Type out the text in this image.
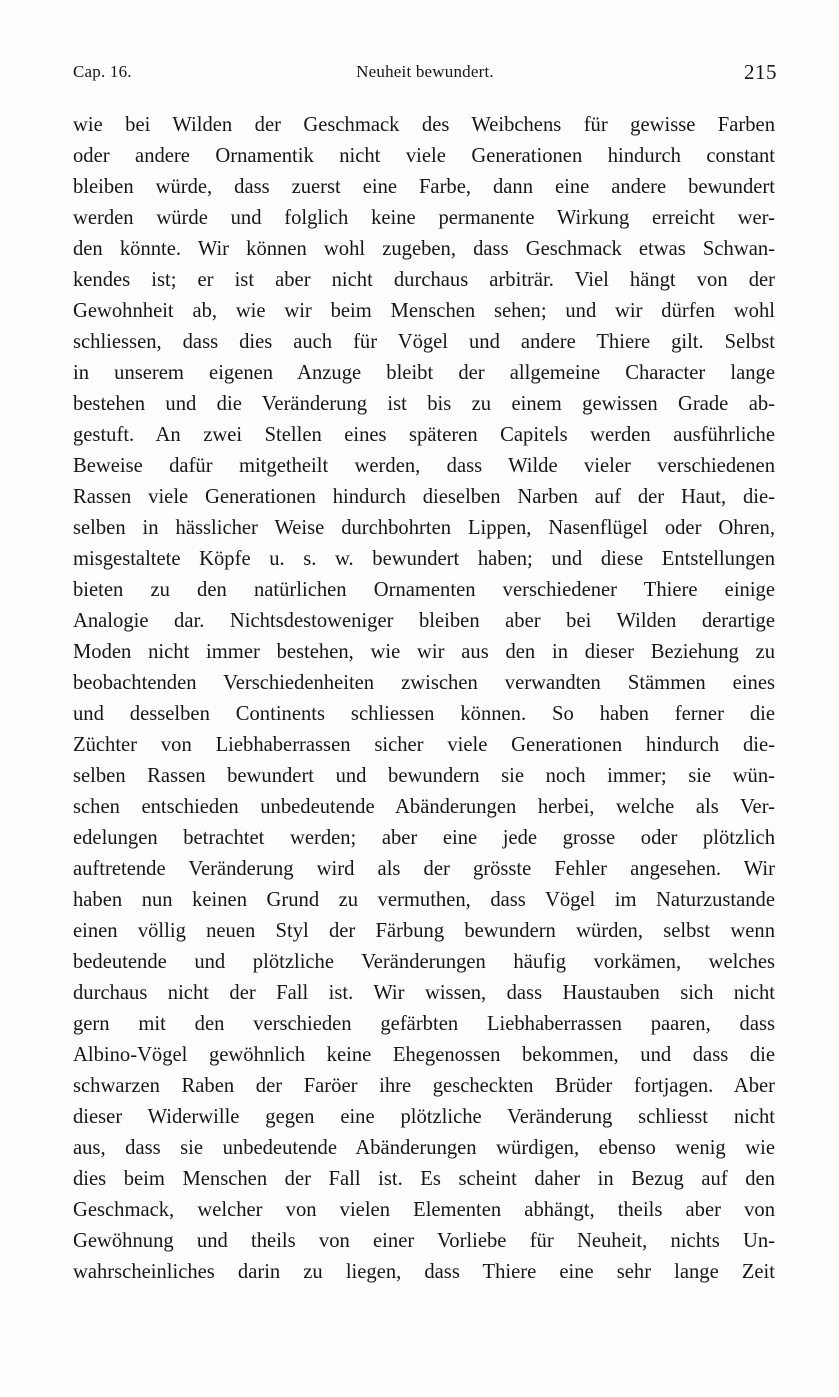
Cap. 16.	Neuheit bewundert.	215
wie bei Wilden der Geschmack des Weibchens für gewisse Farben
oder andere Ornamentik nicht viele Generationen hindurch constant
bleiben würde, dass zuerst eine Farbe, dann eine andere bewundert
werden würde und folglich keine permanente Wirkung erreicht wer-
den könnte. Wir können wohl zugeben, dass Geschmack etwas Schwan-
kendes ist; er ist aber nicht durchaus arbiträr. Viel hängt von der
Gewohnheit ab, wie wir beim Menschen sehen; und wir dürfen wohl
schliessen, dass dies auch für Vögel und andere Thiere gilt. Selbst
in unserem eigenen Anzuge bleibt der allgemeine Character lange
bestehen und die Veränderung ist bis zu einem gewissen Grade ab-
gestuft. An zwei Stellen eines späteren Capitels werden ausführliche
Beweise dafür mitgetheilt werden, dass Wilde vieler verschiedenen
Rassen viele Generationen hindurch dieselben Narben auf der Haut, die-
selben in hässlicher Weise durchbohrten Lippen, Nasenflügel oder Ohren,
misgestaltete Köpfe u. s. w. bewundert haben; und diese Entstellungen
bieten zu den natürlichen Ornamenten verschiedener Thiere einige
Analogie dar. Nichtsdestoweniger bleiben aber bei Wilden derartige
Moden nicht immer bestehen, wie wir aus den in dieser Beziehung zu
beobachtenden Verschiedenheiten zwischen verwandten Stämmen eines
und desselben Continents schliessen können. So haben ferner die
Züchter von Liebhaberrassen sicher viele Generationen hindurch die-
selben Rassen bewundert und bewundern sie noch immer; sie wün-
schen entschieden unbedeutende Abänderungen herbei, welche als Ver-
edelungen betrachtet werden; aber eine jede grosse oder plötzlich
auftretende Veränderung wird als der grösste Fehler angesehen. Wir
haben nun keinen Grund zu vermuthen, dass Vögel im Naturzustande
einen völlig neuen Styl der Färbung bewundern würden, selbst wenn
bedeutende und plötzliche Veränderungen häufig vorkämen, welches
durchaus nicht der Fall ist. Wir wissen, dass Haustauben sich nicht
gern mit den verschieden gefärbten Liebhaberrassen paaren, dass
Albino-Vögel gewöhnlich keine Ehegenossen bekommen, und dass die
schwarzen Raben der Faröer ihre gescheckten Brüder fortjagen. Aber
dieser Widerwille gegen eine plötzliche Veränderung schliesst nicht
aus, dass sie unbedeutende Abänderungen würdigen, ebenso wenig wie
dies beim Menschen der Fall ist. Es scheint daher in Bezug auf den
Geschmack, welcher von vielen Elementen abhängt, theils aber von
Gewöhnung und theils von einer Vorliebe für Neuheit, nichts Un-
wahrscheinliches darin zu liegen, dass Thiere eine sehr lange Zeit
